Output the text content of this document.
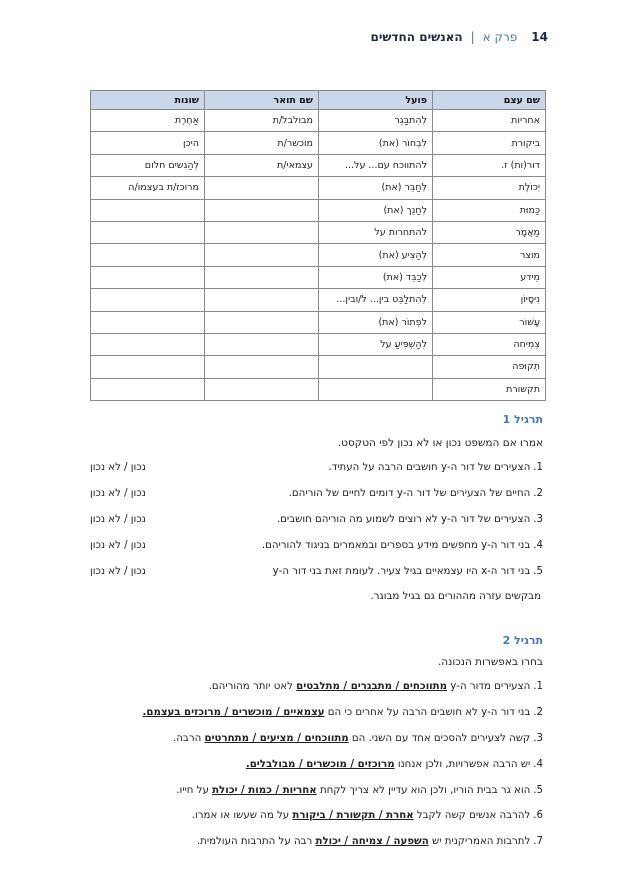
14
פרק א
|
האנשים החדשים
שם עצם	פועל	שם תואר	שונות
אחריות	לְהִתבַּגֵר	מבולבל/ת	אַחֶרֶת
ביקורת	לִבְחוֹר (את)	מוכשר/ת	היכן
דור(ות) ז.	להתווכח עם... על...	עצמאי/ת	לְהַגשים חלום
יְכוֹלֶת	לְחַבֵּר (את)		מרוכז/ת בעצמו/ה
כַּמוּת	לְחַנֵך (את)		
מַאֲמָר	להתחרות על		
מוצר	לְהַצִיע (את)		
מֵידע	לְכַבֵּד (את)		
נִיסָיוֹן	לְהִתלַבֵּט בין... ל/ובין...		
עָשׁוֹר	לִפְתוֹר (את)		
צְמִיחה	לְהַשְׁפִּיעַ על		
תְקוּפה			
תקשורת			
תרגיל 1
אמרו אם המשפט נכון או לא נכון לפי הטקסט.
1.הצעירים של דור ה-y חושבים הרבה על העתיד.
נכון / לא נכון
2.החיים של הצעירים של דור ה-y דומים לחיים של הוריהם.
נכון / לא נכון
3.הצעירים של דור ה-y לא רוצים לשמוע מה הוריהם חושבים.
נכון / לא נכון
4.בני דור ה-y מחפשים מידע בספרים ובמאמרים בניגוד להוריהם.
נכון / לא נכון
5.בני דור ה-x היו עצמאיים בגיל צעיר. לעומת זאת בני דור ה-y
נכון / לא נכון
מבקשים עזרה מההורים גם בגיל מבוגר.
תרגיל 2
בחרו באפשרות הנכונה.
1.הצעירים מדור ה-y מתווכחים / מתבגרים / מתלבטים לאט יותר מהוריהם.
2.בני דור ה-y לא חושבים הרבה על אחרים כי הם עצמאיים / מוכשרים / מרוכזים בעצמם.
3.קשה לצעירים להסכים אחד עם השני. הם מתווכחים / מציעים / מתחרטים הרבה.
4.יש הרבה אפשרויות, ולכן אנחנו מרוכזים / מוכשרים / מבולבלים.
5.הוא גר בבית הוריו, ולכן הוא עדיין לא צריך לקחת אחריות / כמות / יכולת על חייו.
6.להרבה אנשים קשה לקבל אחרת / תקשורת / ביקורת על מה שעשו או אמרו.
7.לתרבות האמריקנית יש השפעה / צמיחה / יכולת רבה על התרבות העולמית.
